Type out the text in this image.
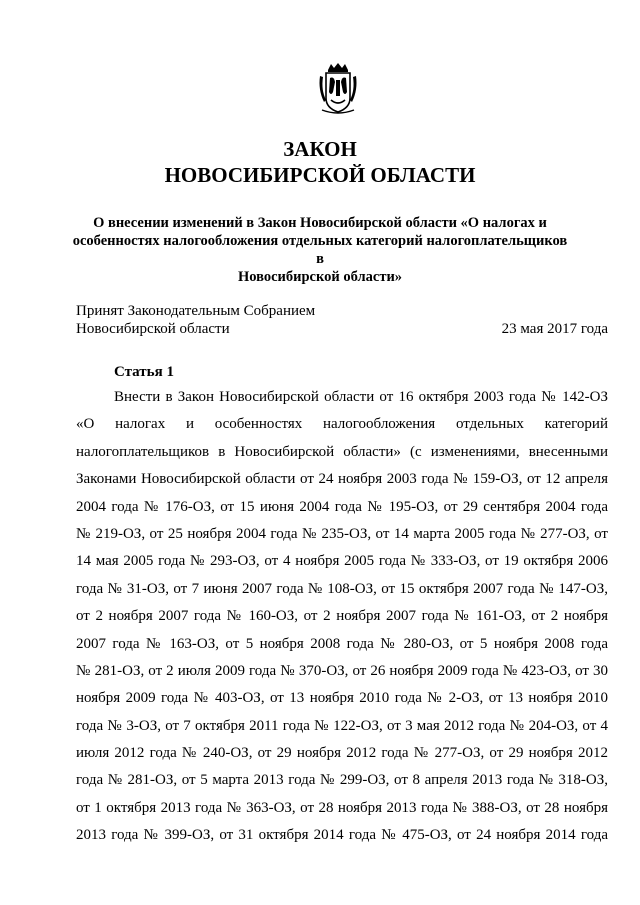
ЗАКОН
НОВОСИБИРСКОЙ ОБЛАСТИ
О внесении изменений в Закон Новосибирской области «О налогах и
особенностях налогообложения отдельных категорий налогоплательщиков в
Новосибирской области»
Принят Законодательным Собранием
Новосибирской области	23 мая 2017 года
Статья 1
Внести в Закон Новосибирской области от 16 октября 2003 года № 142-ОЗ
«О налогах и особенностях налогообложения отдельных категорий
налогоплательщиков в Новосибирской области» (с изменениями, внесенными
Законами Новосибирской области от 24 ноября 2003 года № 159-ОЗ, от 12 апреля
2004 года № 176-ОЗ, от 15 июня 2004 года № 195-ОЗ, от 29 сентября 2004 года
№ 219-ОЗ, от 25 ноября 2004 года № 235-ОЗ, от 14 марта 2005 года № 277-ОЗ, от
14 мая 2005 года № 293-ОЗ, от 4 ноября 2005 года № 333-ОЗ, от 19 октября 2006
года № 31-ОЗ, от 7 июня 2007 года № 108-ОЗ, от 15 октября 2007 года № 147-ОЗ,
от 2 ноября 2007 года № 160-ОЗ, от 2 ноября 2007 года № 161-ОЗ, от 2 ноября
2007 года № 163-ОЗ, от 5 ноября 2008 года № 280-ОЗ, от 5 ноября 2008 года
№ 281-ОЗ, от 2 июля 2009 года № 370-ОЗ, от 26 ноября 2009 года № 423-ОЗ, от 30
ноября 2009 года № 403-ОЗ, от 13 ноября 2010 года № 2-ОЗ, от 13 ноября 2010
года № 3-ОЗ, от 7 октября 2011 года № 122-ОЗ, от 3 мая 2012 года № 204-ОЗ, от 4
июля 2012 года № 240-ОЗ, от 29 ноября 2012 года № 277-ОЗ, от 29 ноября 2012
года № 281-ОЗ, от 5 марта 2013 года № 299-ОЗ, от 8 апреля 2013 года № 318-ОЗ,
от 1 октября 2013 года № 363-ОЗ, от 28 ноября 2013 года № 388-ОЗ, от 28 ноября
2013 года № 399-ОЗ, от 31 октября 2014 года № 475-ОЗ, от 24 ноября 2014 года
